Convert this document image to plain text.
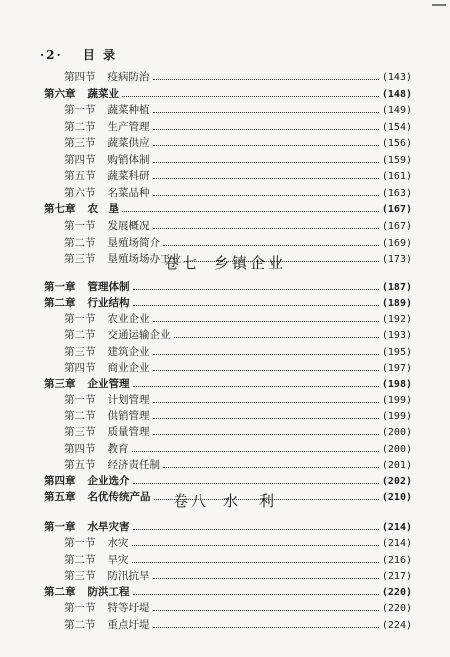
·2· 目 录
第四节 疫病防治	(143)
第六章 蔬菜业	(148)
第一节 蔬菜种植	(149)
第二节 生产管理	(154)
第三节 蔬菜供应	(156)
第四节 购销体制	(159)
第五节 蔬菜科研	(161)
第六节 名菜品种	(163)
第七章 农　垦	(167)
第一节 发展概况	(167)
第二节 垦殖场简介	(169)
第三节 垦殖场场办工业	(173)
卷七 乡镇企业
第一章 管理体制	(187)
第二章 行业结构	(189)
第一节 农业企业	(192)
第二节 交通运输企业	(193)
第三节 建筑企业	(195)
第四节 商业企业	(197)
第三章 企业管理	(198)
第一节 计划管理	(199)
第二节 供销管理	(199)
第三节 质量管理	(200)
第四节 教育	(200)
第五节 经济责任制	(201)
第四章 企业选介	(202)
第五章 名优传统产品	(210)
卷八 水　利
第一章 水旱灾害	(214)
第一节 水灾	(214)
第二节 旱灾	(216)
第三节 防汛抗旱	(217)
第二章 防洪工程	(220)
第一节 特等圩堤	(220)
第二节 重点圩堤	(224)
